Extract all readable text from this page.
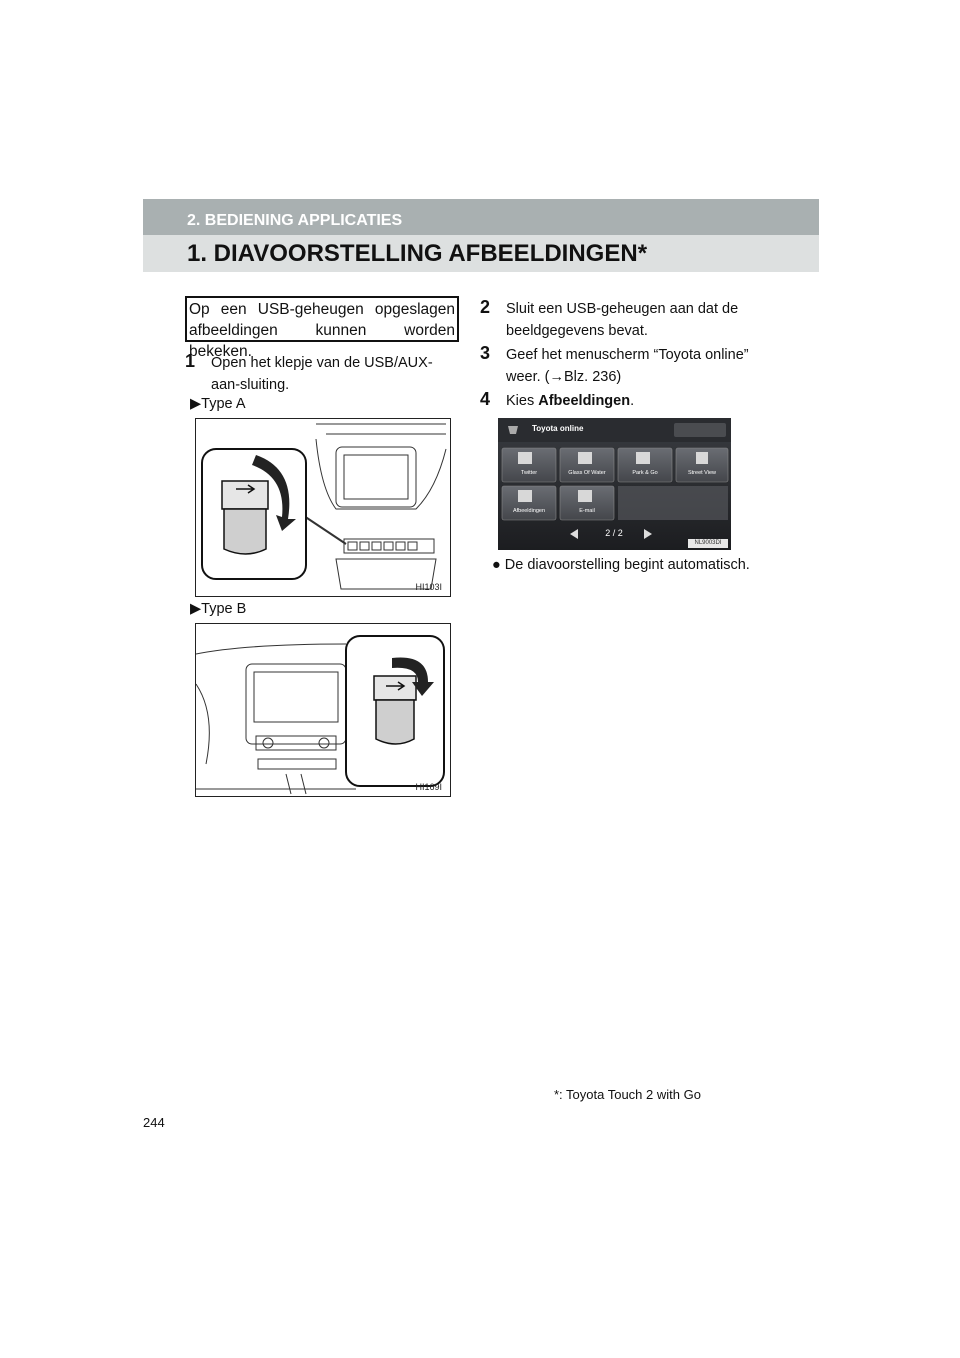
2. BEDIENING APPLICATIES
1. DIAVOORSTELLING AFBEELDINGEN*
Op een USB-geheugen opgeslagen afbeeldingen kunnen worden bekeken.
1	Open het klepje van de USB/AUX-aan-sluiting.
▶Type A
HI103I
▶Type B
HI169I
2	Sluit een USB-geheugen aan dat de beeldgegevens bevat.
3	Geef het menuscherm “Toyota online” weer. (→Blz. 236)
4	Kies Afbeeldingen.
Toyota online
Twitter	Glass Of Water	Park & Go	Street View
Afbeeldingen	E-mail
2 / 2
NL9003DI
● De diavoorstelling begint automatisch.
*: Toyota Touch 2 with Go
244
